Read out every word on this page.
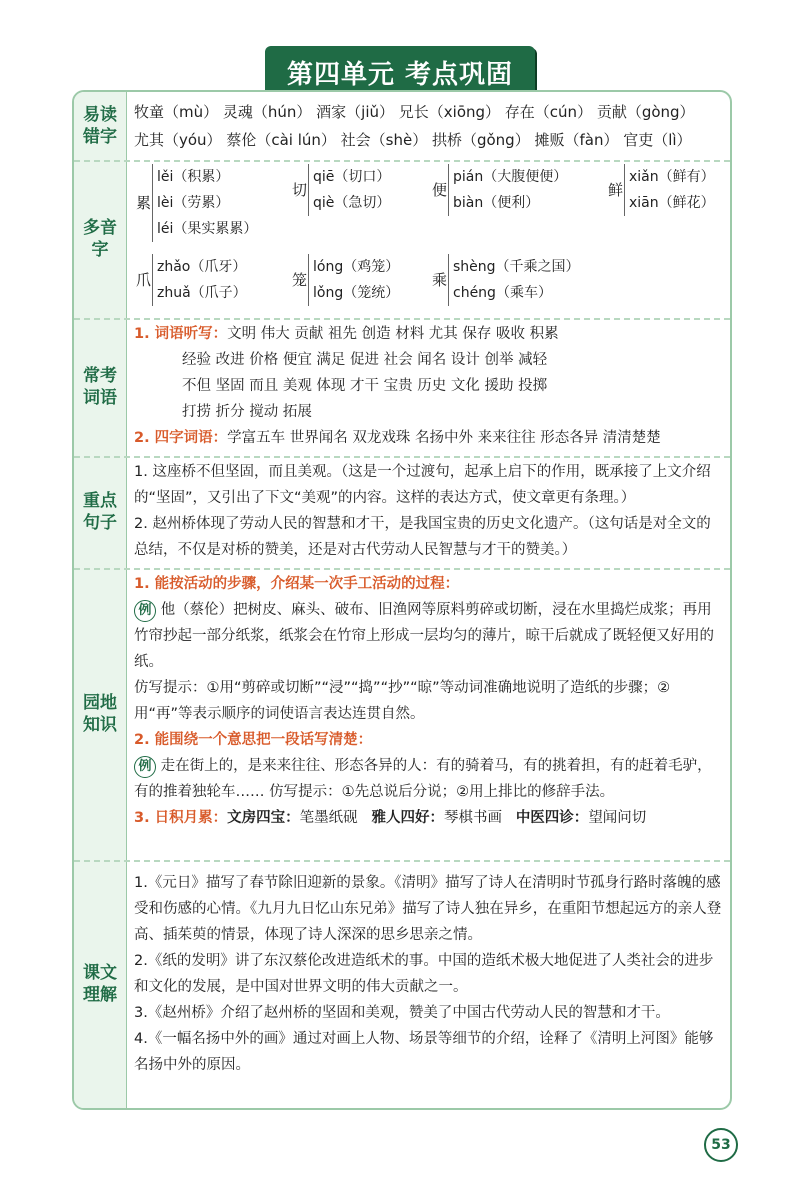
第四单元 考点巩固
易读错字
牧童（mù） 灵魂（hún） 酒家（jiǔ） 兄长（xiōng） 存在（cún） 贡献（gòng）
尤其（yóu） 蔡伦（cài lún） 社会（shè） 拱桥（gǒng） 摊贩（fàn） 官吏（lì）
多音字
累
lěi（积累）
lèi（劳累）
léi（果实累累）
切
qiē（切口）
qiè（急切）
便
pián（大腹便便）
biàn（便利）
鲜
xiǎn（鲜有）
xiān（鲜花）
爪
zhǎo（爪牙）
zhuǎ（爪子）
笼
lóng（鸡笼）
lǒng（笼统）
乘
shèng（千乘之国）
chéng（乘车）
常考词语
1. 词语听写：文明 伟大 贡献 祖先 创造 材料 尤其 保存 吸收 积累
经验 改进 价格 便宜 满足 促进 社会 闻名 设计 创举 减轻
不但 坚固 而且 美观 体现 才干 宝贵 历史 文化 援助 投掷
打捞 折分 搅动 拓展
2. 四字词语：学富五车 世界闻名 双龙戏珠 名扬中外 来来往往 形态各异 清清楚楚
重点句子
1. 这座桥不但坚固，而且美观。（这是一个过渡句，起承上启下的作用，既承接了上文介绍的“坚固”，又引出了下文“美观”的内容。这样的表达方式，使文章更有条理。）
2. 赵州桥体现了劳动人民的智慧和才干，是我国宝贵的历史文化遗产。（这句话是对全文的总结，不仅是对桥的赞美，还是对古代劳动人民智慧与才干的赞美。）
园地知识
1. 能按活动的步骤，介绍某一次手工活动的过程：
例 他（蔡伦）把树皮、麻头、破布、旧渔网等原料剪碎或切断，浸在水里捣烂成浆；再用竹帘抄起一部分纸浆，纸浆会在竹帘上形成一层均匀的薄片，晾干后就成了既轻便又好用的纸。
仿写提示：①用“剪碎或切断”“浸”“捣”“抄”“晾”等动词准确地说明了造纸的步骤；②用“再”等表示顺序的词使语言表达连贯自然。
2. 能围绕一个意思把一段话写清楚：
例 走在街上的，是来来往往、形态各异的人：有的骑着马，有的挑着担，有的赶着毛驴，有的推着独轮车…… 仿写提示：①先总说后分说；②用上排比的修辞手法。
3. 日积月累：文房四宝：笔墨纸砚 雅人四好：琴棋书画 中医四诊：望闻问切
课文理解
1.《元日》描写了春节除旧迎新的景象。《清明》描写了诗人在清明时节孤身行路时落魄的感受和伤感的心情。《九月九日忆山东兄弟》描写了诗人独在异乡，在重阳节想起远方的亲人登高、插茱萸的情景，体现了诗人深深的思乡思亲之情。
2.《纸的发明》讲了东汉蔡伦改进造纸术的事。中国的造纸术极大地促进了人类社会的进步和文化的发展，是中国对世界文明的伟大贡献之一。
3.《赵州桥》介绍了赵州桥的坚固和美观，赞美了中国古代劳动人民的智慧和才干。
4.《一幅名扬中外的画》通过对画上人物、场景等细节的介绍，诠释了《清明上河图》能够名扬中外的原因。
53
